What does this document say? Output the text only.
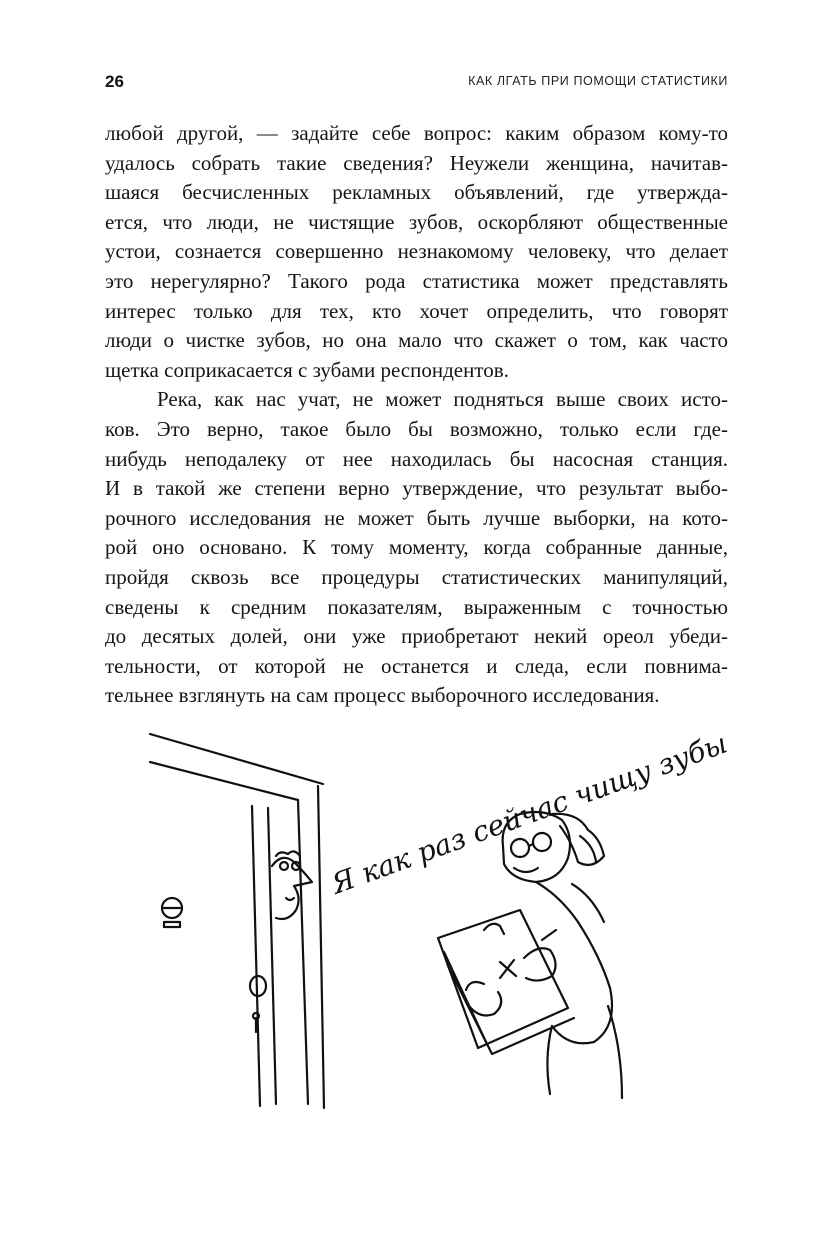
26	КАК ЛГАТЬ ПРИ ПОМОЩИ СТАТИСТИКИ

любой другой, — задайте себе вопрос: каким образом кому-то
удалось собрать такие сведения? Неужели женщина, начитав-
шаяся бесчисленных рекламных объявлений, где утвержда-
ется, что люди, не чистящие зубов, оскорбляют общественные
устои, сознается совершенно незнакомому человеку, что делает
это нерегулярно? Такого рода статистика может представлять
интерес только для тех, кто хочет определить, что говорят
люди о чистке зубов, но она мало что скажет о том, как часто
щетка соприкасается с зубами респондентов.

Река, как нас учат, не может подняться выше своих исто-
ков. Это верно, такое было бы возможно, только если где-
нибудь неподалеку от нее находилась бы насосная станция.
И в такой же степени верно утверждение, что результат выбо-
рочного исследования не может быть лучше выборки, на кото-
рой оно основано. К тому моменту, когда собранные данные,
пройдя сквозь все процедуры статистических манипуляций,
сведены к средним показателям, выраженным с точностью
до десятых долей, они уже приобретают некий ореол убеди-
тельности, от которой не останется и следа, если повнима-
тельнее взглянуть на сам процесс выборочного исследования.

Я как раз сейчас чищу зубы
